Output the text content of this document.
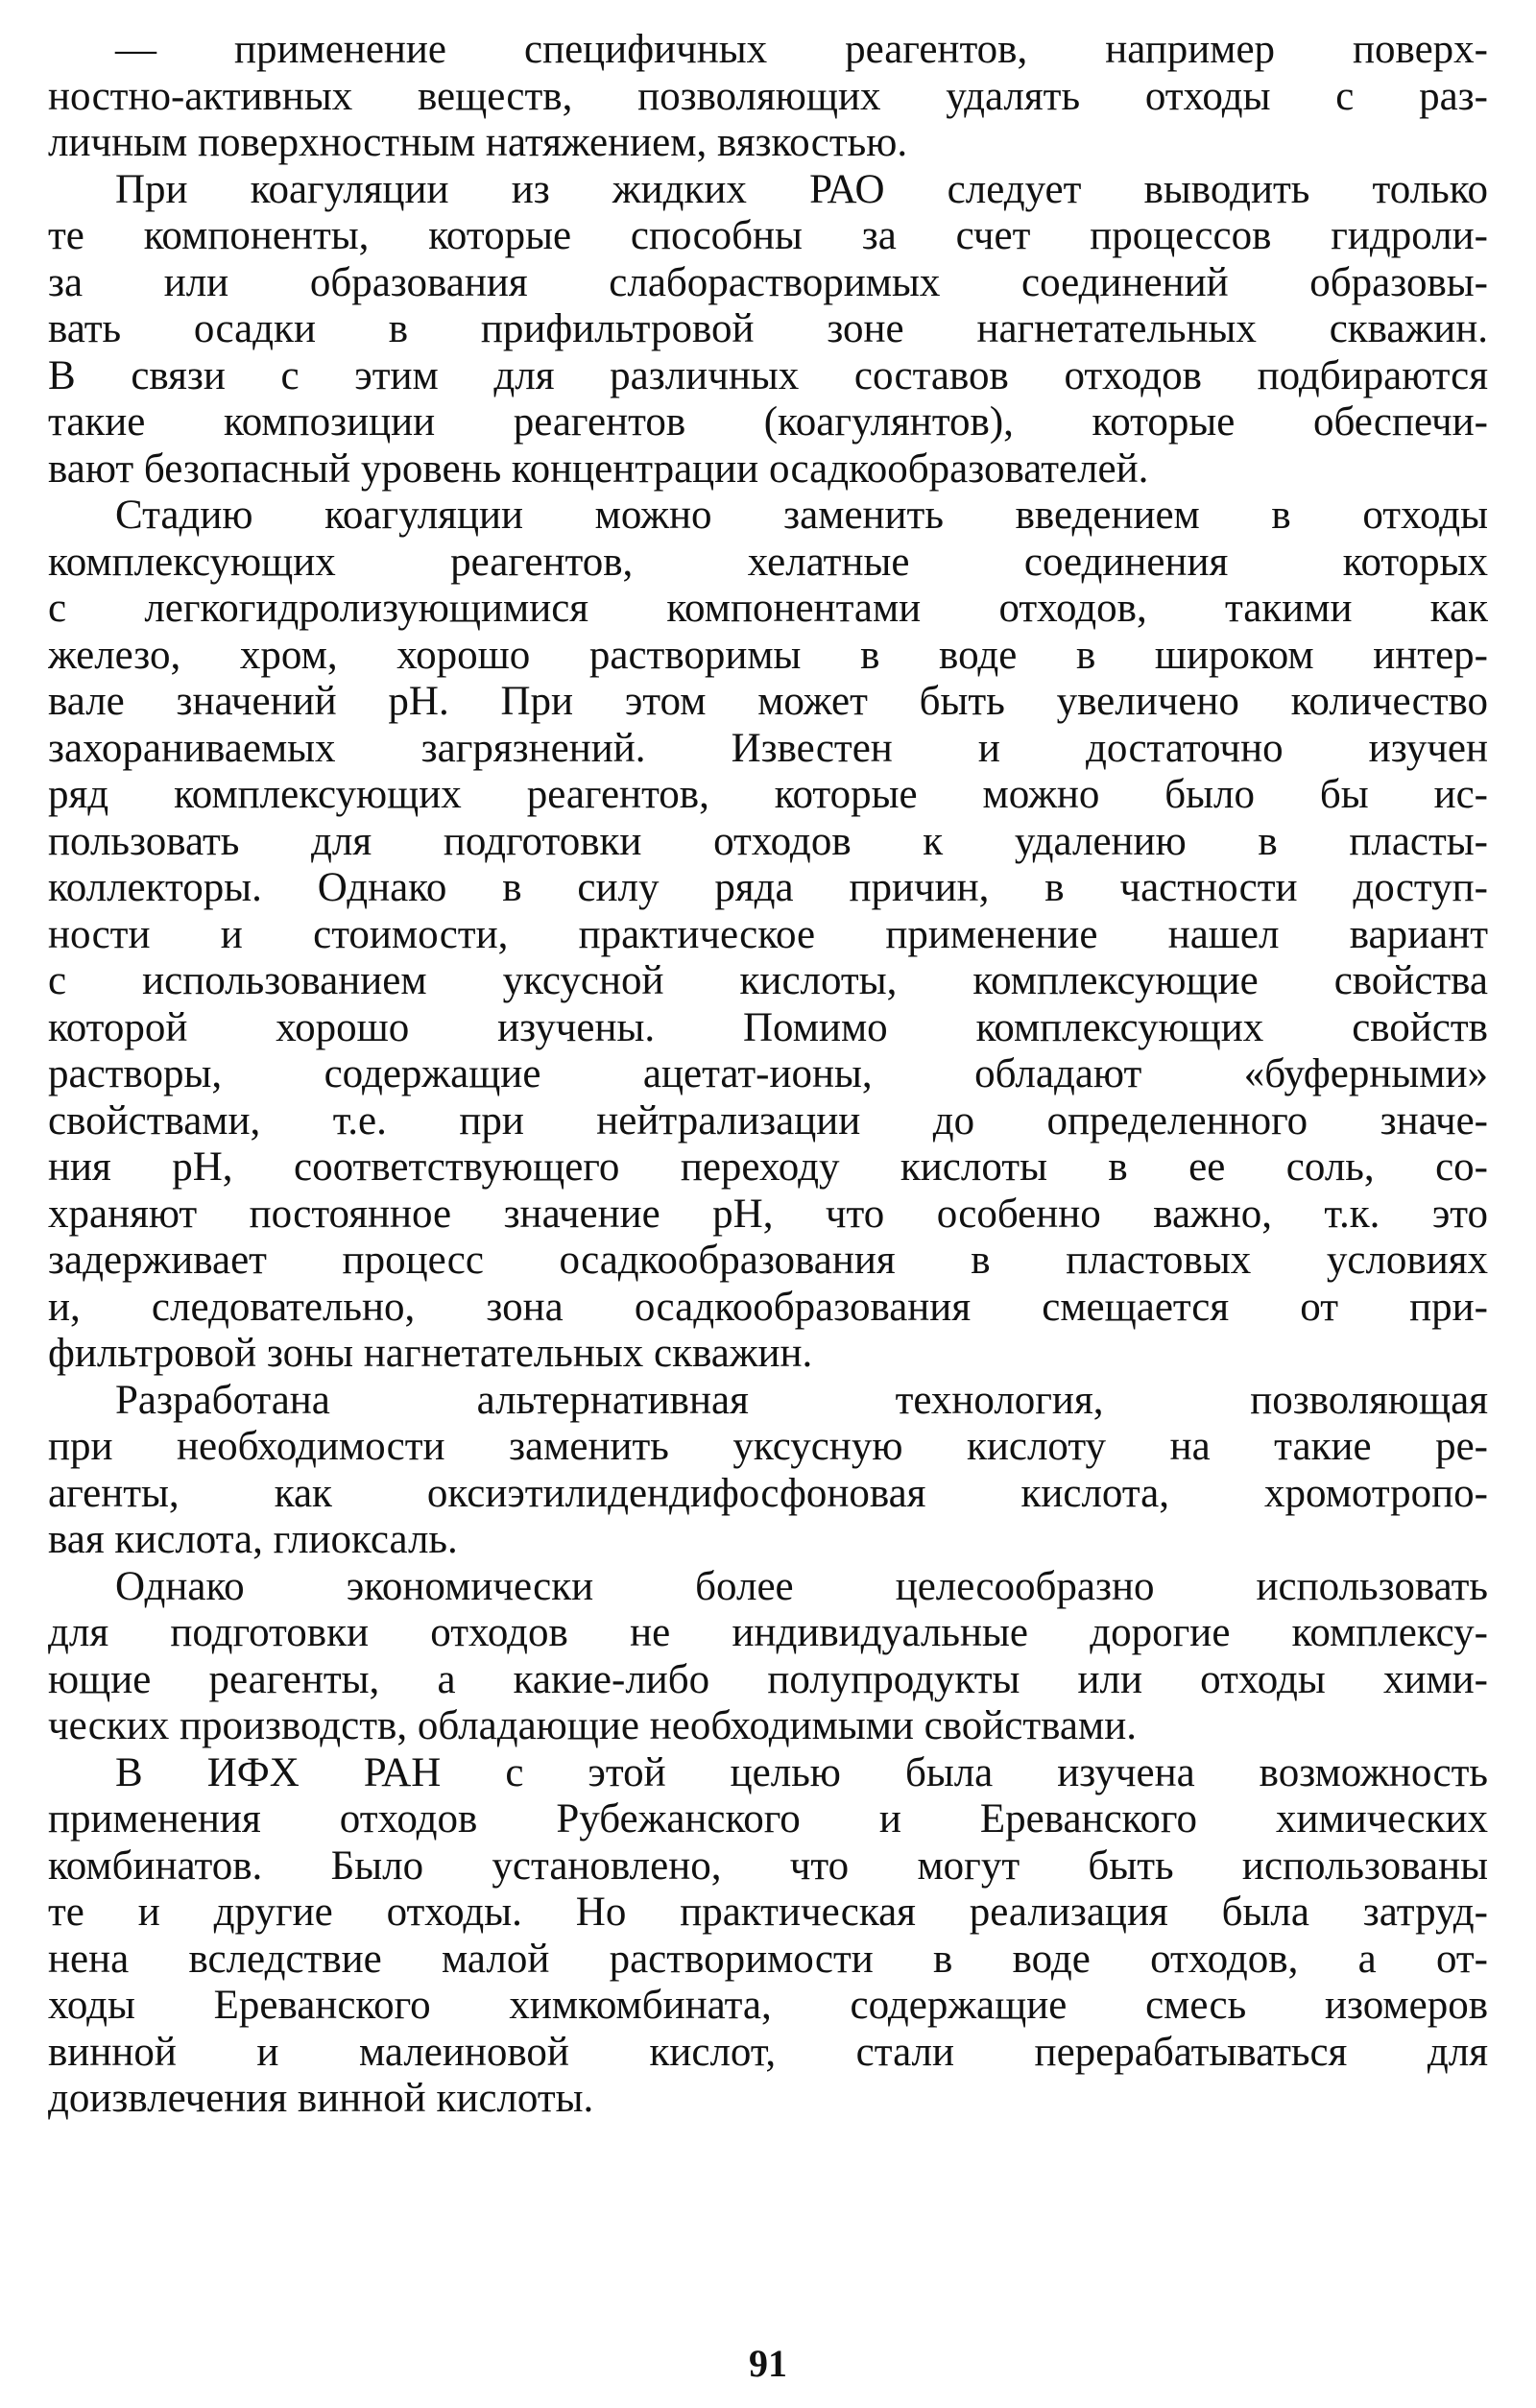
— применение специфичных реагентов, например поверх-
ностно-активных веществ, позволяющих удалять отходы с раз-
личным поверхностным натяжением, вязкостью.
При коагуляции из жидких РАО следует выводить только
те компоненты, которые способны за счет процессов гидроли-
за или образования слаборастворимых соединений образовы-
вать осадки в прифильтровой зоне нагнетательных скважин.
В связи с этим для различных составов отходов подбираются
такие композиции реагентов (коагулянтов), которые обеспечи-
вают безопасный уровень концентрации осадкообразователей.
Стадию коагуляции можно заменить введением в отходы
комплексующих реагентов, хелатные соединения которых
с легкогидролизующимися компонентами отходов, такими как
железо, хром, хорошо растворимы в воде в широком интер-
вале значений pH. При этом может быть увеличено количество
захораниваемых загрязнений. Известен и достаточно изучен
ряд комплексующих реагентов, которые можно было бы ис-
пользовать для подготовки отходов к удалению в пласты-
коллекторы. Однако в силу ряда причин, в частности доступ-
ности и стоимости, практическое применение нашел вариант
с использованием уксусной кислоты, комплексующие свойства
которой хорошо изучены. Помимо комплексующих свойств
растворы, содержащие ацетат-ионы, обладают «буферными»
свойствами, т.е. при нейтрализации до определенного значе-
ния pH, соответствующего переходу кислоты в ее соль, со-
храняют постоянное значение pH, что особенно важно, т.к. это
задерживает процесс осадкообразования в пластовых условиях
и, следовательно, зона осадкообразования смещается от при-
фильтровой зоны нагнетательных скважин.
Разработана альтернативная технология, позволяющая
при необходимости заменить уксусную кислоту на такие ре-
агенты, как оксиэтилидендифосфоновая кислота, хромотропо-
вая кислота, глиоксаль.
Однако экономически более целесообразно использовать
для подготовки отходов не индивидуальные дорогие комплексу-
ющие реагенты, а какие-либо полупродукты или отходы хими-
ческих производств, обладающие необходимыми свойствами.
В ИФХ РАН с этой целью была изучена возможность
применения отходов Рубежанского и Ереванского химических
комбинатов. Было установлено, что могут быть использованы
те и другие отходы. Но практическая реализация была затруд-
нена вследствие малой растворимости в воде отходов, а от-
ходы Ереванского химкомбината, содержащие смесь изомеров
винной и малеиновой кислот, стали перерабатываться для
доизвлечения винной кислоты.
91
